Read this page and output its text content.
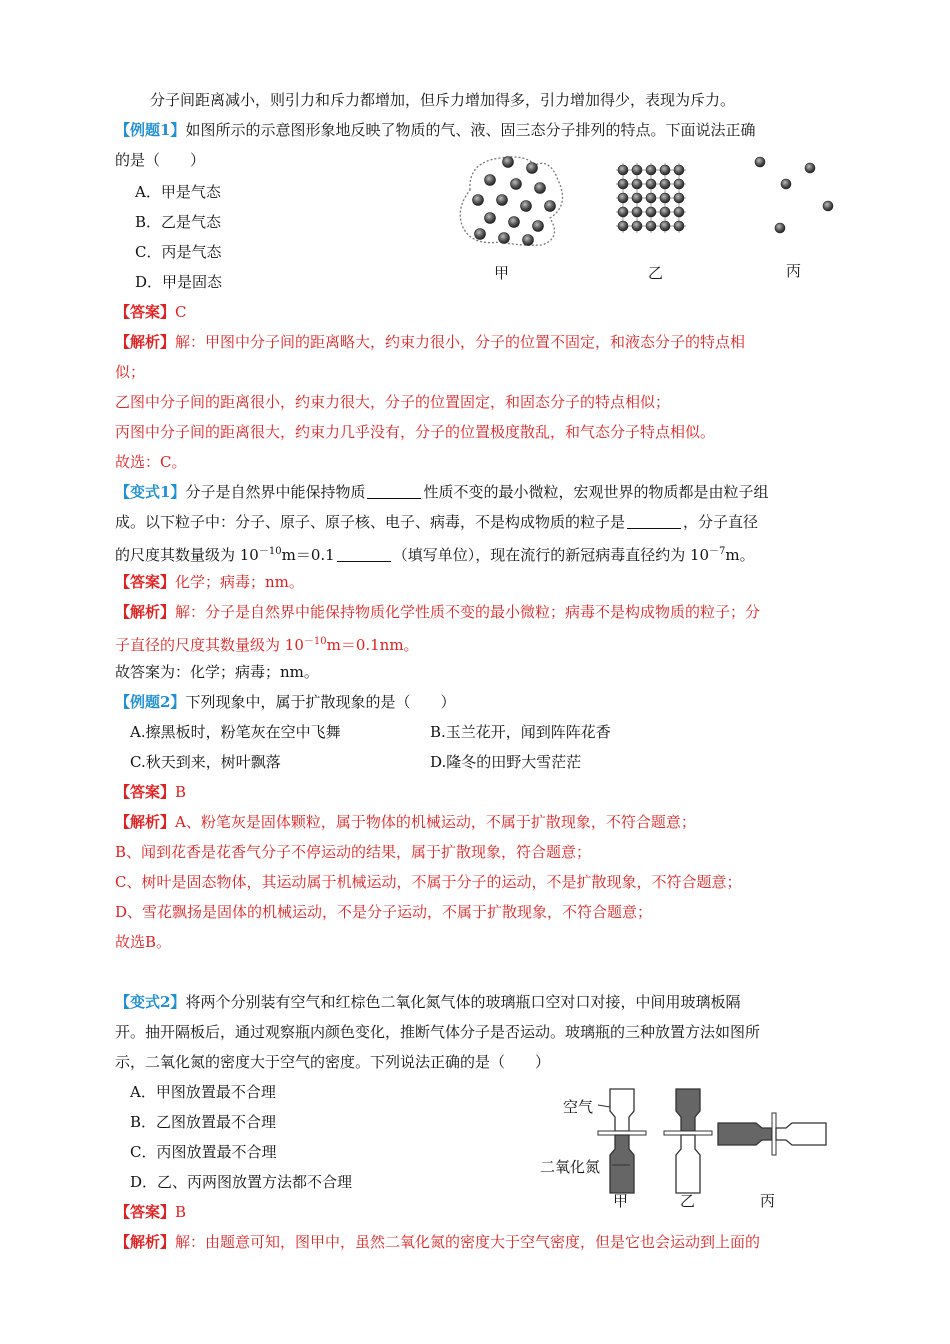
分子间距离减小，则引力和斥力都增加，但斥力增加得多，引力增加得少，表现为斥力。
【例题1】如图所示的示意图形象地反映了物质的气、液、固三态分子排列的特点。下面说法正确
的是（　　）
A．甲是气态
B．乙是气态
C．丙是气态
D．甲是固态	甲	乙	丙
【答案】C
【解析】解：甲图中分子间的距离略大，约束力很小，分子的位置不固定，和液态分子的特点相
似；
乙图中分子间的距离很小，约束力很大，分子的位置固定，和固态分子的特点相似；
丙图中分子间的距离很大，约束力几乎没有，分子的位置极度散乱，和气态分子特点相似。
故选：C。
【变式1】分子是自然界中能保持物质	性质不变的最小微粒，宏观世界的物质都是由粒子组
成。以下粒子中：分子、原子、原子核、电子、病毒，不是构成物质的粒子是	，分子直径
的尺度其数量级为 $10^{-10}m=0.1$	（填写单位），现在流行的新冠病毒直径约为 $10^{-7}m$。
【答案】化学；病毒；nm。
【解析】解：分子是自然界中能保持物质化学性质不变的最小微粒；病毒不是构成物质的粒子；分
子直径的尺度其数量级为 $10^{-10}m=0.1nm$。
故答案为：化学；病毒；nm。
【例题2】下列现象中，属于扩散现象的是（　　）
A.擦黑板时，粉笔灰在空中飞舞	B.玉兰花开，闻到阵阵花香
C.秋天到来，树叶飘落	D.隆冬的田野大雪茫茫
【答案】B
【解析】A、粉笔灰是固体颗粒，属于物体的机械运动，不属于扩散现象，不符合题意；
B、闻到花香是花香气分子不停运动的结果，属于扩散现象，符合题意；
C、树叶是固态物体，其运动属于机械运动，不属于分子的运动，不是扩散现象，不符合题意；
D、雪花飘扬是固体的机械运动，不是分子运动，不属于扩散现象，不符合题意；
故选B。
【变式2】将两个分别装有空气和红棕色二氧化氮气体的玻璃瓶口空对口对接，中间用玻璃板隔
开。抽开隔板后，通过观察瓶内颜色变化，推断气体分子是否运动。玻璃瓶的三种放置方法如图所
示，二氧化氮的密度大于空气的密度。下列说法正确的是（　　）
A．甲图放置最不合理
B．乙图放置最不合理
C．丙图放置最不合理
D．乙、丙两图放置方法都不合理
空气
二氧化氮
甲	乙	丙
【答案】B
【解析】解：由题意可知，图甲中，虽然二氧化氮的密度大于空气密度，但是它也会运动到上面的
